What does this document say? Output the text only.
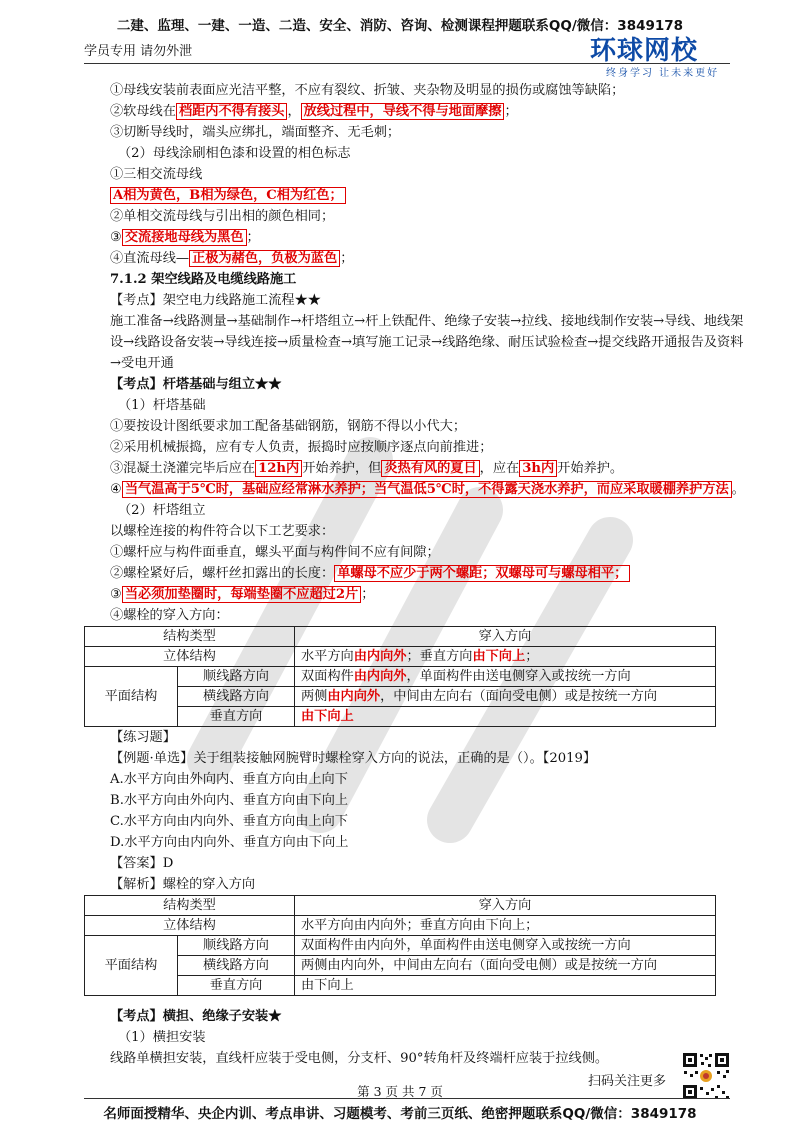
二建、监理、一建、一造、二造、安全、消防、咨询、检测课程押题联系QQ/微信：3849178
学员专用 请勿外泄	环球网校
终身学习 让未来更好
①母线安装前表面应光洁平整，不应有裂纹、折皱、夹杂物及明显的损伤或腐蚀等缺陷；
②软母线在 档距内不得有接头 ， 放线过程中，导线不得与地面摩擦 ；
③切断导线时，端头应绑扎，端面整齐、无毛刺；
（2）母线涂刷相色漆和设置的相色标志
①三相交流母线
A相为黄色，B相为绿色，C相为红色；
②单相交流母线与引出相的颜色相同；
③ 交流接地母线为黑色 ；
④直流母线— 正极为赭色，负极为蓝色 ；
7.1.2 架空线路及电缆线路施工
【考点】架空电力线路施工流程★★
施工准备→线路测量→基础制作→杆塔组立→杆上铁配件、绝缘子安装→拉线、接地线制作安装→导线、地线架设→线路设备安装→导线连接→质量检查→填写施工记录→线路绝缘、耐压试验检查→提交线路开通报告及资料→受电开通
【考点】杆塔基础与组立★★
（1）杆塔基础
①要按设计图纸要求加工配备基础钢筋，钢筋不得以小代大；
②采用机械振捣，应有专人负责，振捣时应按顺序逐点向前推进；
③混凝土浇灌完毕后应在 12h内 开始养护，但 炎热有风的夏日 ，应在 3h内 开始养护。
④ 当气温高于5℃时，基础应经常淋水养护；当气温低5℃时，不得露天浇水养护，而应采取暖棚养护方法 。
（2）杆塔组立
以螺栓连接的构件符合以下工艺要求：
①螺杆应与构件面垂直，螺头平面与构件间不应有间隙；
②螺栓紧好后，螺杆丝扣露出的长度： 单螺母不应少于两个螺距；双螺母可与螺母相平；
③ 当必须加垫圈时，每端垫圈不应超过2片 ；
④螺栓的穿入方向：
结构类型		穿入方向
立体结构		水平方向由内向外；垂直方向由下向上；
平面结构	顺线路方向	双面构件由内向外，单面构件由送电侧穿入或按统一方向
	横线路方向	两侧由内向外，中间由左向右（面向受电侧）或是按统一方向
	垂直方向	由下向上
【练习题】
【例题·单选】关于组装接触网腕臂时螺栓穿入方向的说法，正确的是（）。【2019】
A.水平方向由外向内、垂直方向由上向下
B.水平方向由外向内、垂直方向由下向上
C.水平方向由内向外、垂直方向由上向下
D.水平方向由内向外、垂直方向由下向上
【答案】D
【解析】螺栓的穿入方向
结构类型		穿入方向
立体结构		水平方向由内向外；垂直方向由下向上；
平面结构	顺线路方向	双面构件由内向外，单面构件由送电侧穿入或按统一方向
	横线路方向	两侧由内向外，中间由左向右（面向受电侧）或是按统一方向
	垂直方向	由下向上
【考点】横担、绝缘子安装★
（1）横担安装
线路单横担安装，直线杆应装于受电侧，分支杆、90°转角杆及终端杆应装于拉线侧。
扫码关注更多
第 3 页 共 7 页
名师面授精华、央企内训、考点串讲、习题模考、考前三页纸、绝密押题联系QQ/微信：3849178
